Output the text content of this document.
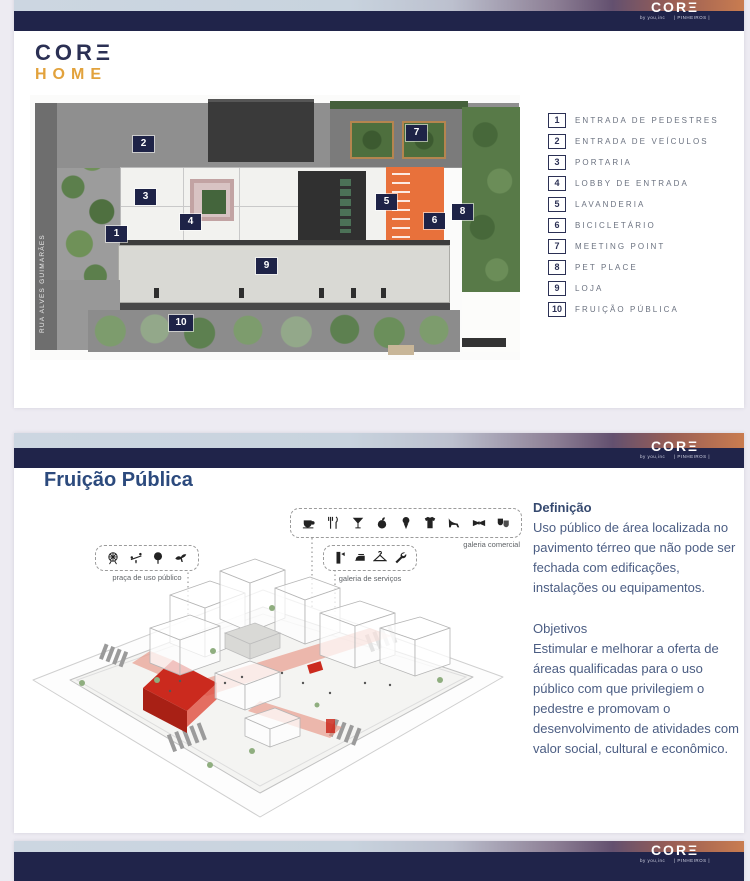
CORΞ
by you,inc | PINHEIROS |
CORΞ
HOME
RUA ALVES GUIMARÃES
1
2
3
4
5
6
7
8
9
10
1	ENTRADA DE PEDESTRES
2	ENTRADA DE VEÍCULOS
3	PORTARIA
4	LOBBY DE ENTRADA
5	LAVANDERIA
6	BICICLETÁRIO
7	MEETING POINT
8	PET PLACE
9	LOJA
10	FRUIÇÃO PÚBLICA
CORΞ
by you,inc | PINHEIROS |
Fruição Pública
galeria comercial
galeria de serviços
praça de uso público
Definição
Uso público de área localizada no pavimento térreo que não pode ser fechada com edificações, instalações ou equipamentos.
Objetivos
Estimular e melhorar a oferta de áreas qualificadas para o uso público com que privilegiem o pedestre e promovam o desenvolvimento de atividades com valor social, cultural e econômico.
CORΞ
by you,inc | PINHEIROS |
